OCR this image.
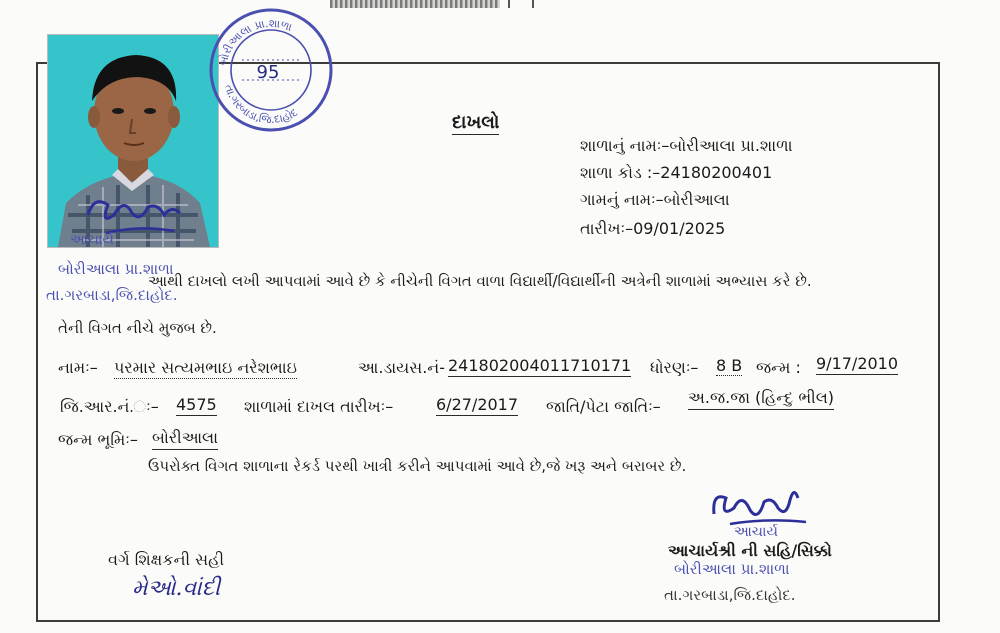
બોરીઆલા પ્રા.શાળા
તા.ગરબાડા,જિ.દાહોદ
95
આચાર્ય
બોરીઆલા પ્રા.શાળા
તા.ગરબાડા,જિ.દાહોદ.
દાખલો
શાળાનું નામઃ–બોરીઆલા પ્રા.શાળા
શાળા કોડ :–24180200401
ગામનું નામઃ–બોરીઆલા
તારીખઃ–09/01/2025
આથી દાખલો લખી આપવામાં આવે છે કે નીચેની વિગત વાળા વિદ્યાર્થી/વિદ્યાર્થીની અત્રેની શાળામાં અભ્યાસ કરે છે.
તેની વિગત નીચે મુજબ છે.
નામઃ– પરમાર સત્યમભાઇ નરેશભાઇ	આ.ડાયસ.નં- 241802004011710171 ધોરણઃ– 8 B જન્મ : 9/17/2010
જિ.આર.નં.ઃ– 4575 શાળામાં દાખલ તારીખઃ–	6/27/2017 જાતિ/પેટા જાતિઃ– અ.જ.જા (હિન્દુ ભીલ)
જન્મ ભૂમિઃ– બોરીઆલા
ઉપરોક્ત વિગત શાળાના રેકર્ડ પરથી ખાત્રી કરીને આપવામાં આવે છે,જે ખરૂ અને બરાબર છે.
આચાર્ય
આચાર્યશ્રી ની સહિ/સિક્કો
બોરીઆલા પ્રા.શાળા
તા.ગરબાડા,જિ.દાહોદ.
વર્ગ શિક્ષકની સહી
મેઓ.વાંદી
